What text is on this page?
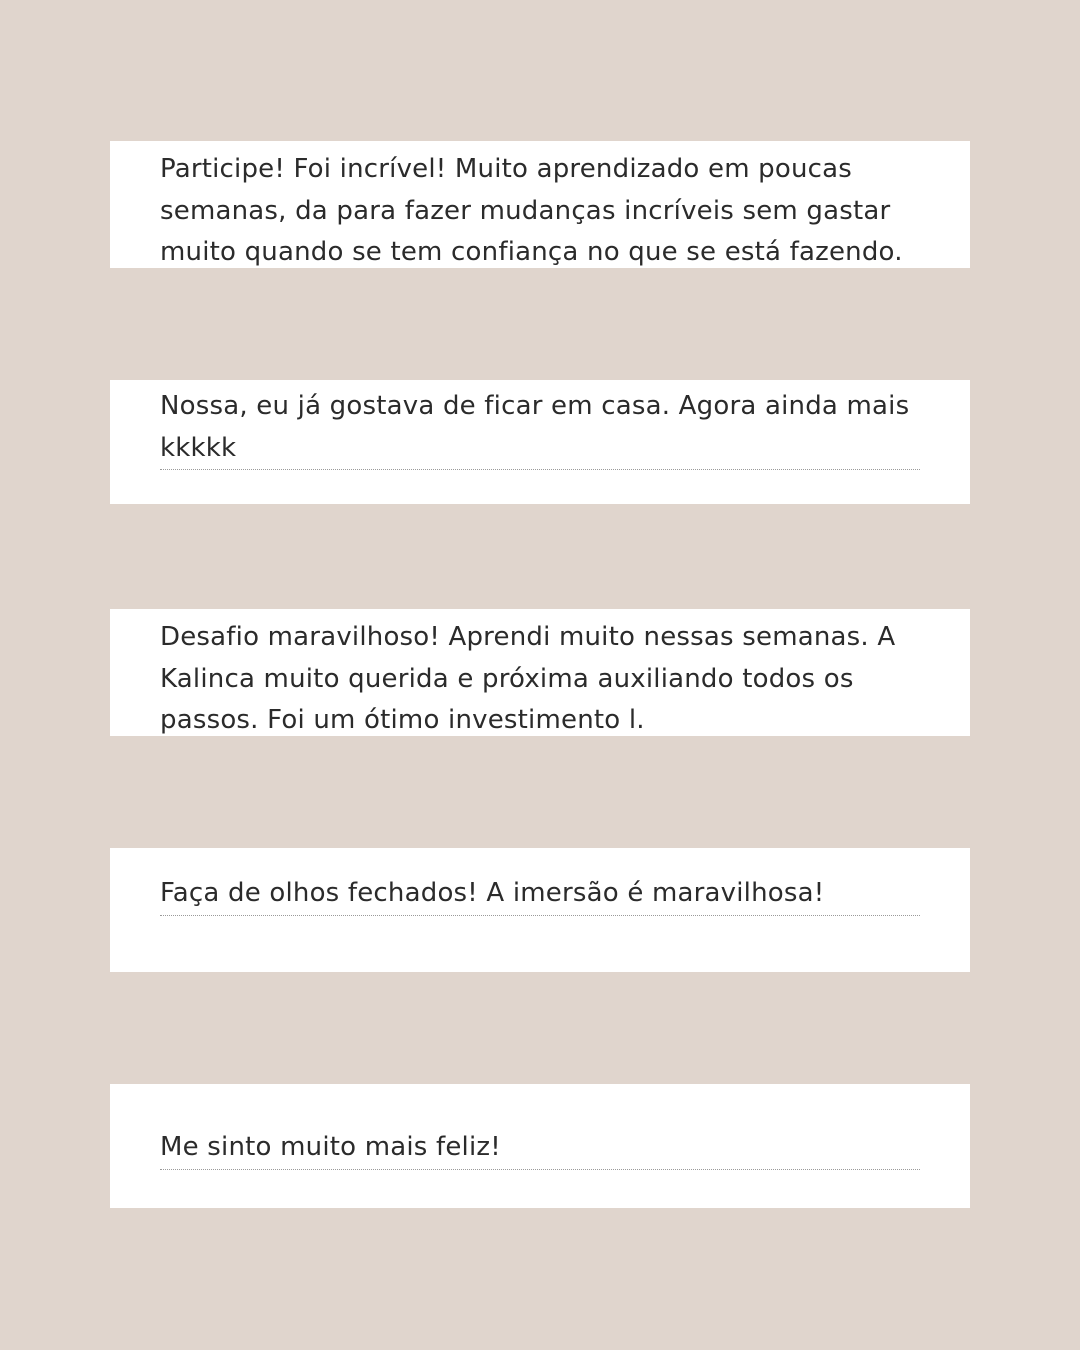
Participe! Foi incrível! Muito aprendizado em poucas semanas, da para fazer mudanças incríveis sem gastar muito quando se tem confiança no que se está fazendo.

Nossa, eu já gostava de ficar em casa. Agora ainda mais kkkkk

Desafio maravilhoso! Aprendi muito nessas semanas. A Kalinca muito querida e próxima auxiliando todos os passos. Foi um ótimo investimento l.

Faça de olhos fechados! A imersão é maravilhosa!

Me sinto muito mais feliz!
